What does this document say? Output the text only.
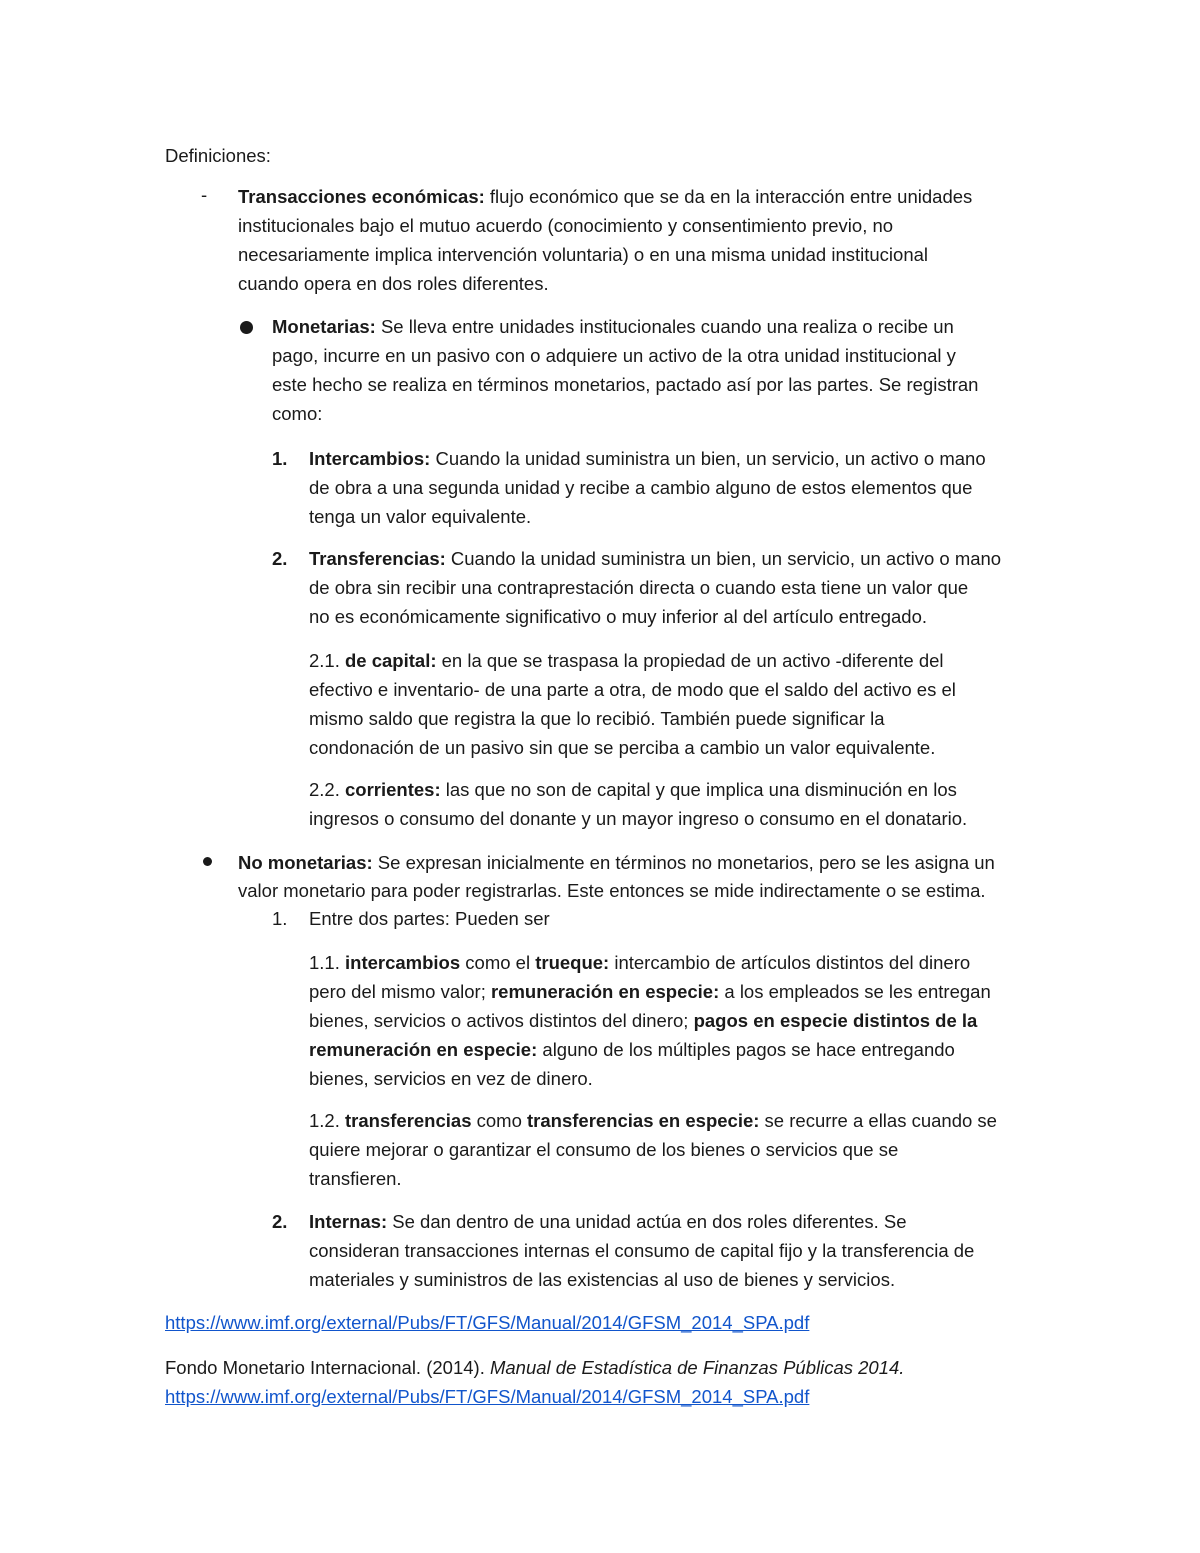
Definiciones:
- Transacciones económicas: flujo económico que se da en la interacción entre unidades
institucionales bajo el mutuo acuerdo (conocimiento y consentimiento previo, no
necesariamente implica intervención voluntaria) o en una misma unidad institucional
cuando opera en dos roles diferentes.
Monetarias: Se lleva entre unidades institucionales cuando una realiza o recibe un
pago, incurre en un pasivo con o adquiere un activo de la otra unidad institucional y
este hecho se realiza en términos monetarios, pactado así por las partes. Se registran
como:
1. Intercambios: Cuando la unidad suministra un bien, un servicio, un activo o mano
de obra a una segunda unidad y recibe a cambio alguno de estos elementos que
tenga un valor equivalente.
2. Transferencias: Cuando la unidad suministra un bien, un servicio, un activo o mano
de obra sin recibir una contraprestación directa o cuando esta tiene un valor que
no es económicamente significativo o muy inferior al del artículo entregado.
2.1. de capital: en la que se traspasa la propiedad de un activo -diferente del
efectivo e inventario- de una parte a otra, de modo que el saldo del activo es el
mismo saldo que registra la que lo recibió. También puede significar la
condonación de un pasivo sin que se perciba a cambio un valor equivalente.
2.2. corrientes: las que no son de capital y que implica una disminución en los
ingresos o consumo del donante y un mayor ingreso o consumo en el donatario.
No monetarias: Se expresan inicialmente en términos no monetarios, pero se les asigna un
valor monetario para poder registrarlas. Este entonces se mide indirectamente o se estima.
1. Entre dos partes: Pueden ser
1.1. intercambios como el trueque: intercambio de artículos distintos del dinero
pero del mismo valor; remuneración en especie: a los empleados se les entregan
bienes, servicios o activos distintos del dinero; pagos en especie distintos de la
remuneración en especie: alguno de los múltiples pagos se hace entregando
bienes, servicios en vez de dinero.
1.2. transferencias como transferencias en especie: se recurre a ellas cuando se
quiere mejorar o garantizar el consumo de los bienes o servicios que se
transfieren.
2. Internas: Se dan dentro de una unidad actúa en dos roles diferentes. Se
consideran transacciones internas el consumo de capital fijo y la transferencia de
materiales y suministros de las existencias al uso de bienes y servicios.
https://www.imf.org/external/Pubs/FT/GFS/Manual/2014/GFSM_2014_SPA.pdf
Fondo Monetario Internacional. (2014). Manual de Estadística de Finanzas Públicas 2014.
https://www.imf.org/external/Pubs/FT/GFS/Manual/2014/GFSM_2014_SPA.pdf
